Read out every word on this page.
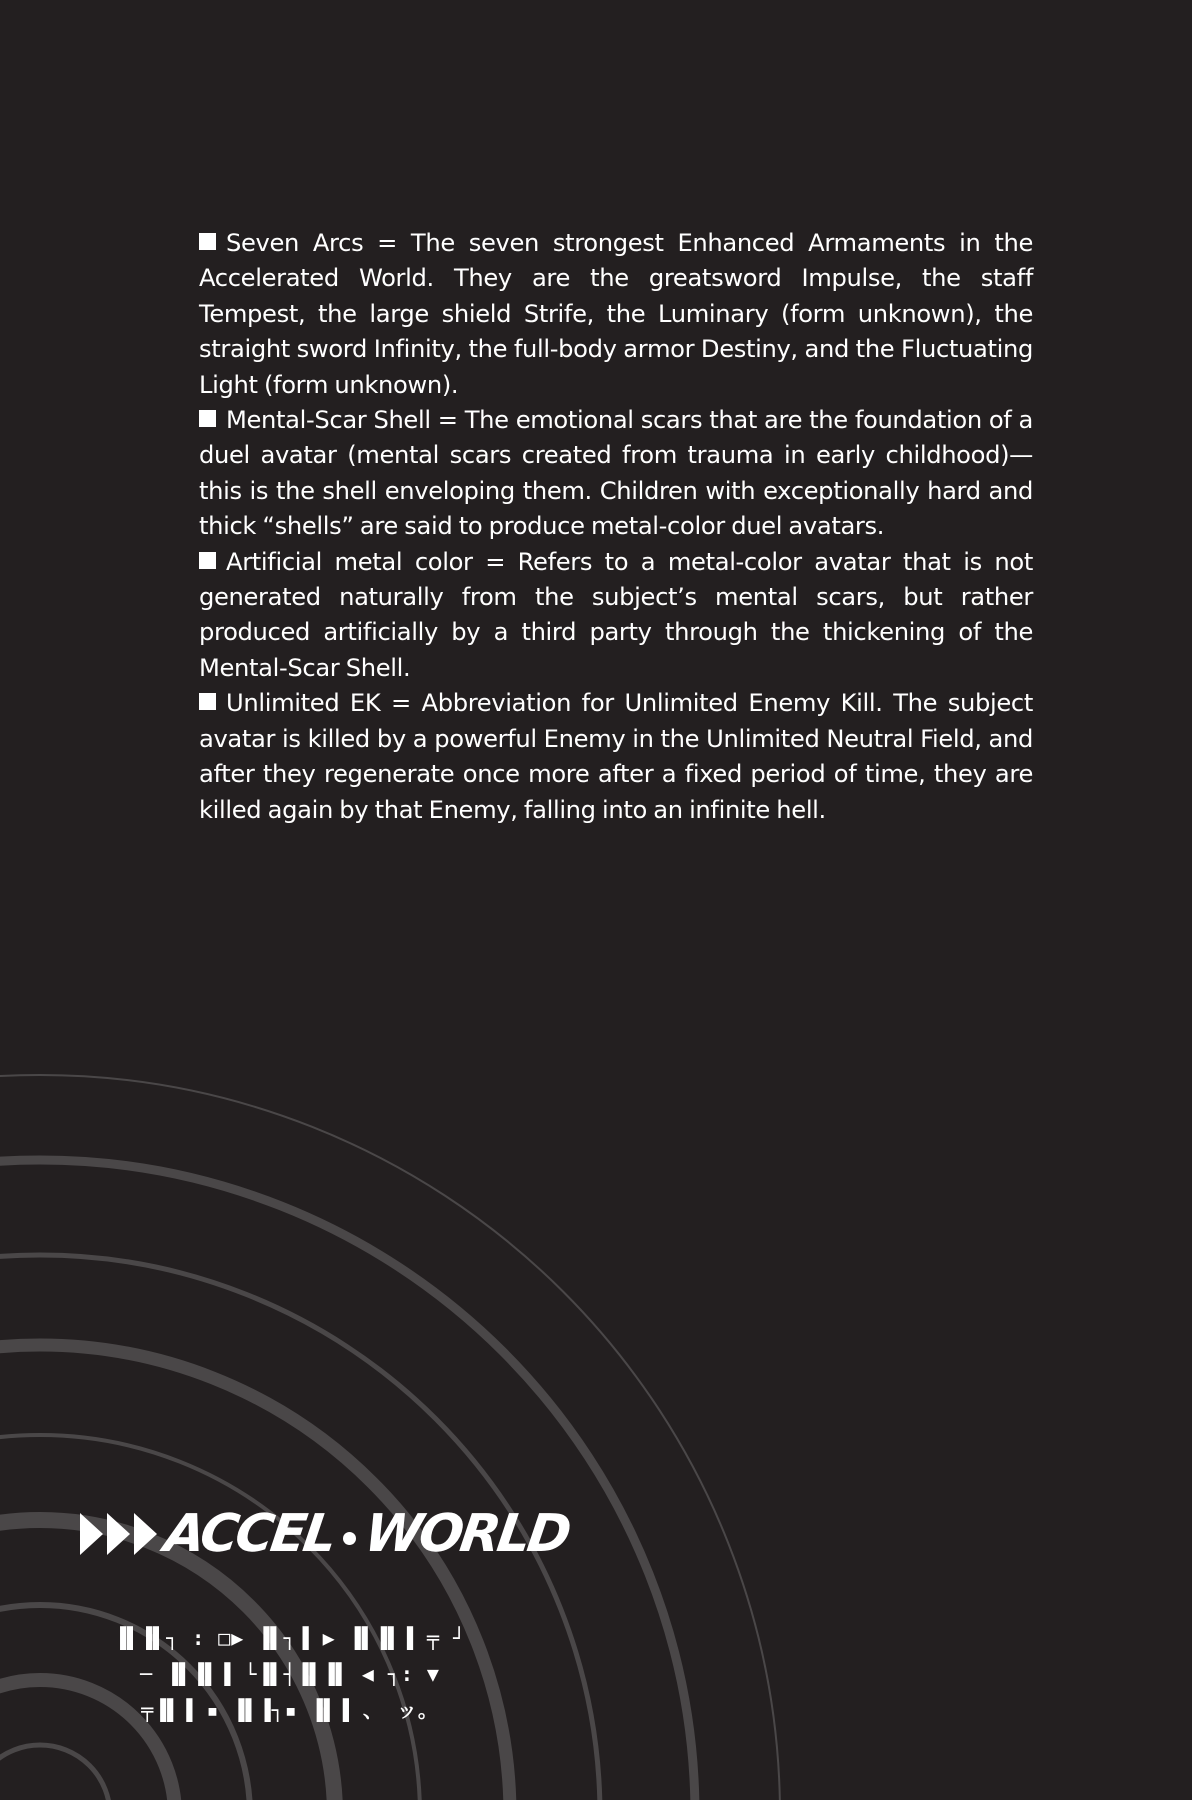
Seven Arcs = The seven strongest Enhanced Armaments in the Accelerated World. They are the greatsword Impulse, the staff Tempest, the large shield Strife, the Luminary (form unknown), the straight sword Infinity, the full-body armor Destiny, and the Fluctuating Light (form unknown).

Mental-Scar Shell = The emotional scars that are the foundation of a duel avatar (mental scars created from trauma in early childhood)—this is the shell enveloping them. Children with exceptionally hard and thick “shells” are said to produce metal-color duel avatars.

Artificial metal color = Refers to a metal-color avatar that is not generated naturally from the subject’s mental scars, but rather produced artificially by a third party through the thickening of the Mental-Scar Shell.

Unlimited EK = Abbreviation for Unlimited Enemy Kill. The subject avatar is killed by a powerful Enemy in the Unlimited Neutral Field, and after they regenerate once more after a fixed period of time, they are killed again by that Enemy, falling into an infinite hell.

ACCEL WORLD

▐▌▐▌┐ : □▶ ▐▌┐▐ ▶ ▐▌▐▌▐ ╤ ┘

─ ▐▌▐▌▐ └▐▌┤▐▌▐▌ ◀ ┐: ▼

╤▐▌▐ ▪ ▐▌▐┐▪ ▐▌▐ 、 ッ。
